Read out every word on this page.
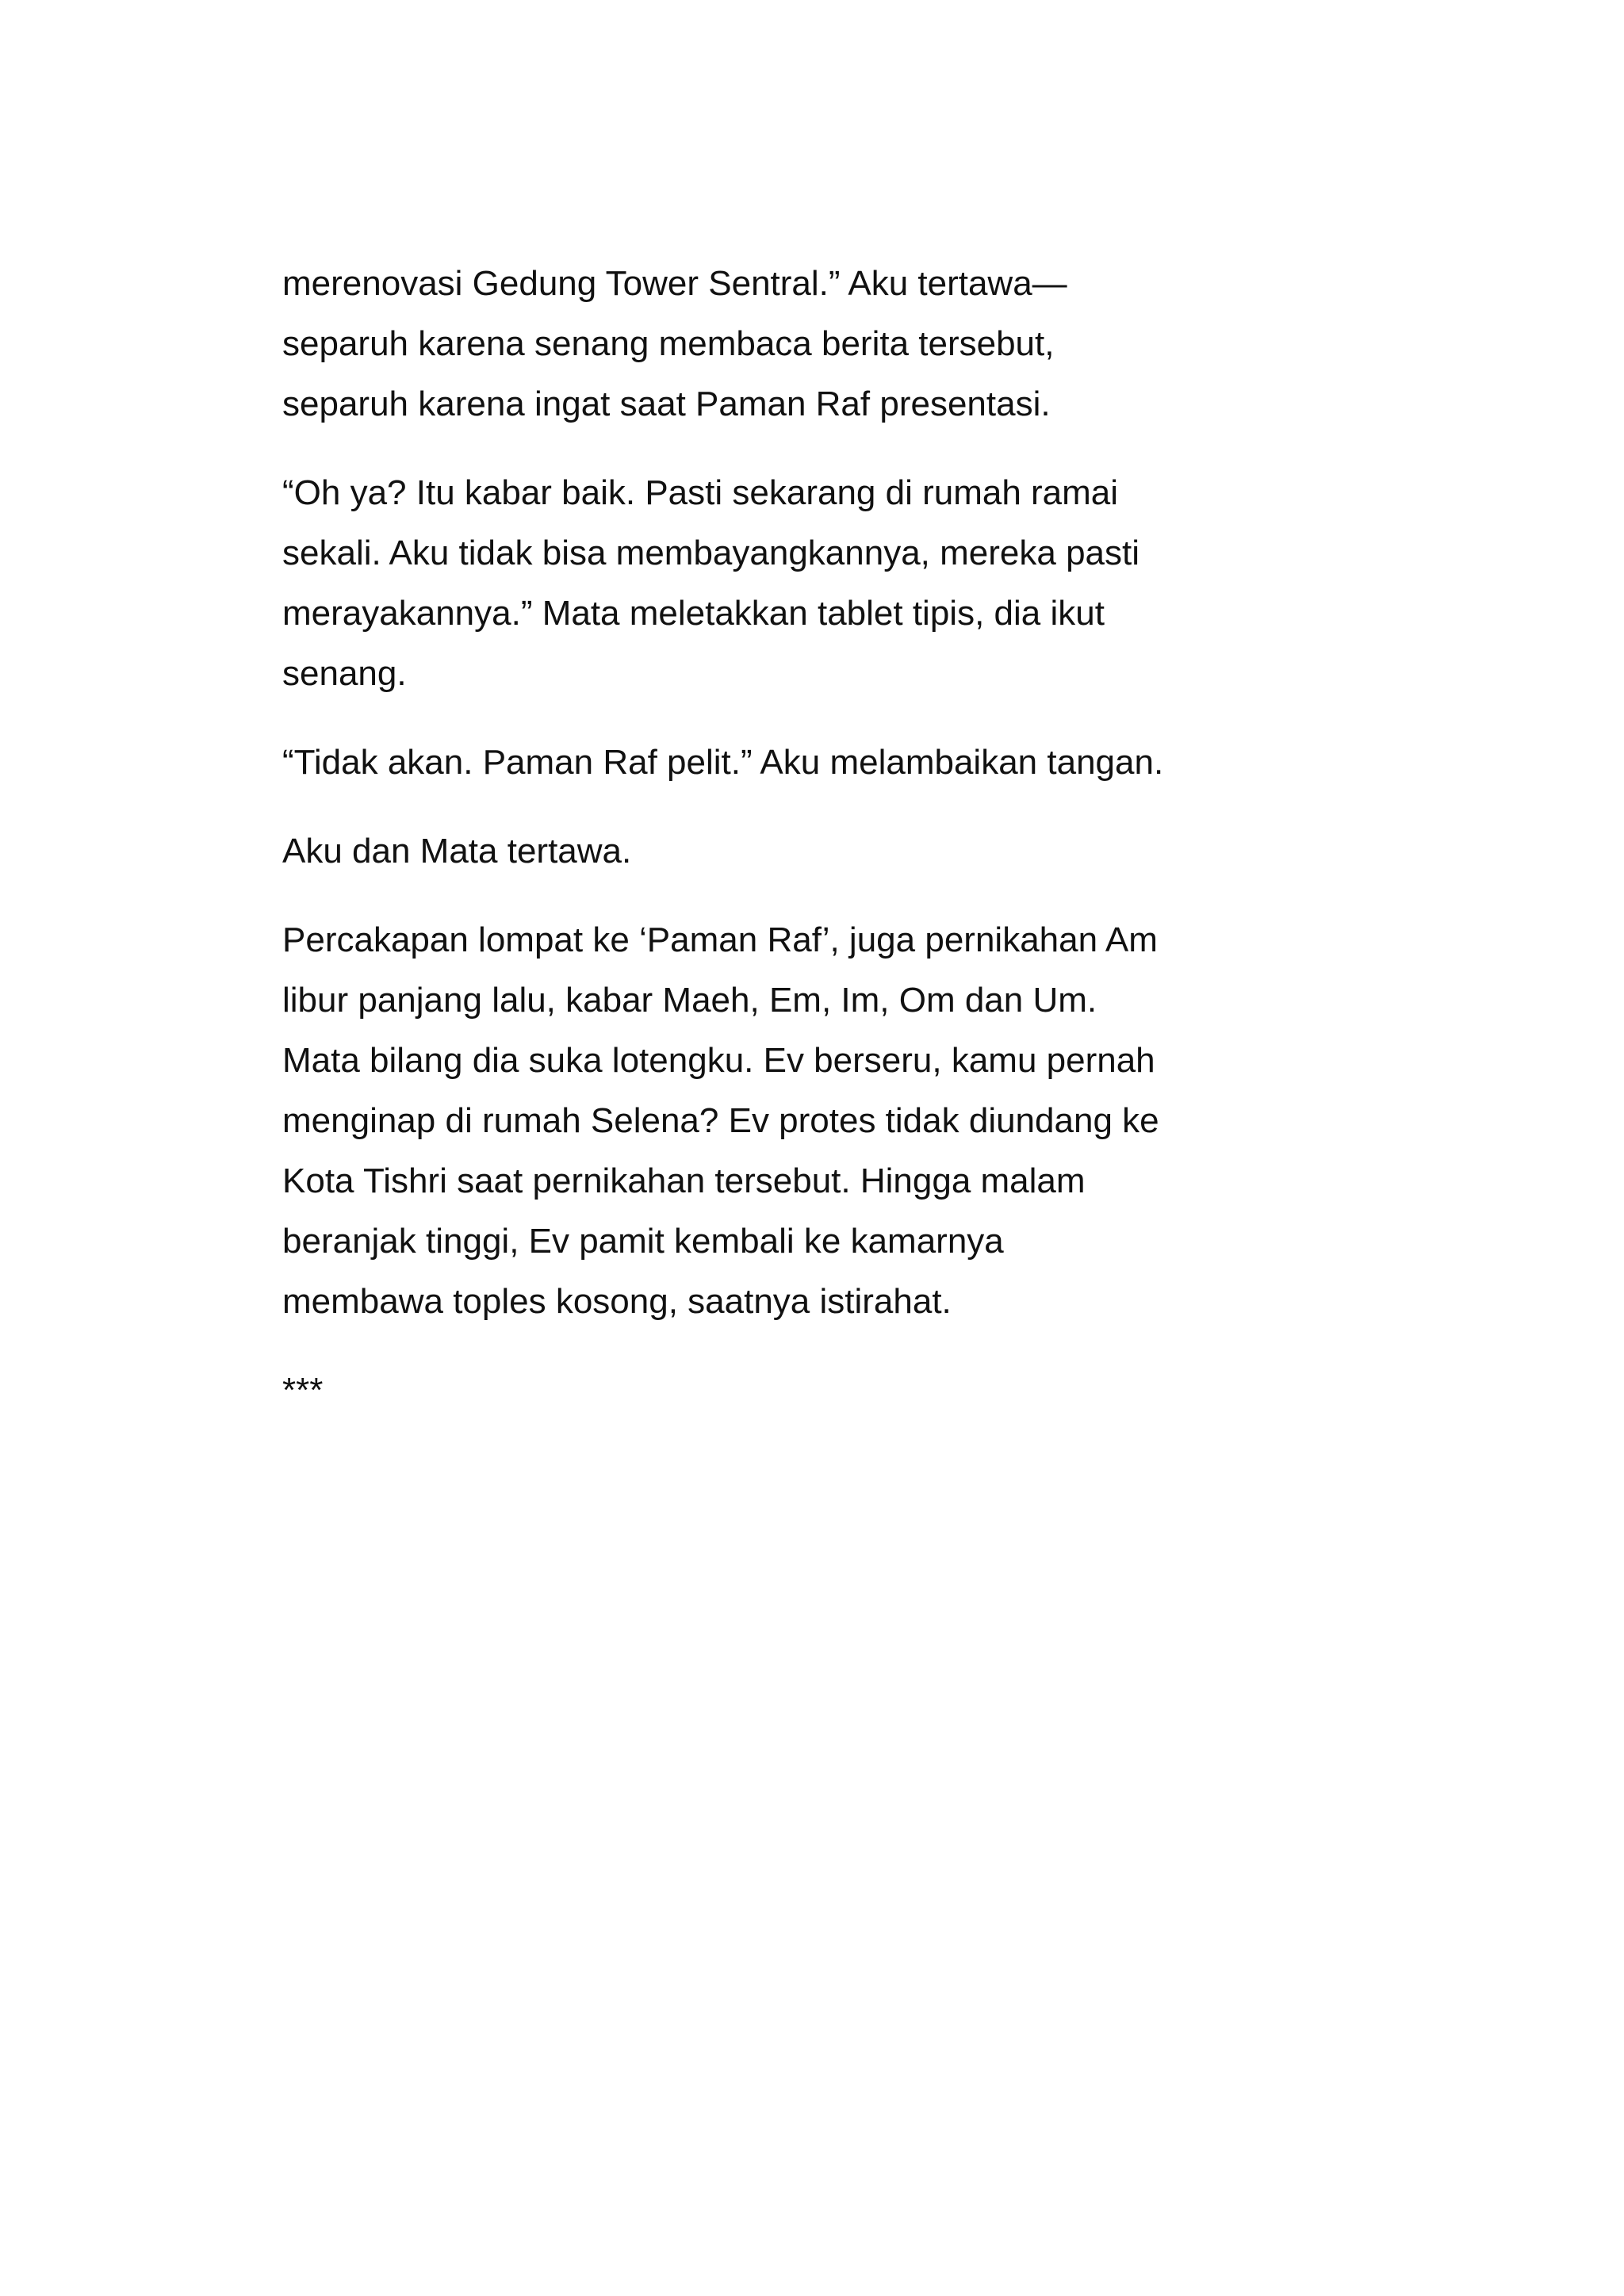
merenovasi Gedung Tower Sentral.” Aku tertawa—
separuh karena senang membaca berita tersebut,
separuh karena ingat saat Paman Raf presentasi.

“Oh ya? Itu kabar baik. Pasti sekarang di rumah ramai
sekali. Aku tidak bisa membayangkannya, mereka pasti
merayakannya.” Mata meletakkan tablet tipis, dia ikut
senang.

“Tidak akan. Paman Raf pelit.” Aku melambaikan tangan.

Aku dan Mata tertawa.

Percakapan lompat ke ‘Paman Raf’, juga pernikahan Am
libur panjang lalu, kabar Maeh, Em, Im, Om dan Um.
Mata bilang dia suka lotengku. Ev berseru, kamu pernah
menginap di rumah Selena? Ev protes tidak diundang ke
Kota Tishri saat pernikahan tersebut. Hingga malam
beranjak tinggi, Ev pamit kembali ke kamarnya
membawa toples kosong, saatnya istirahat.

***
